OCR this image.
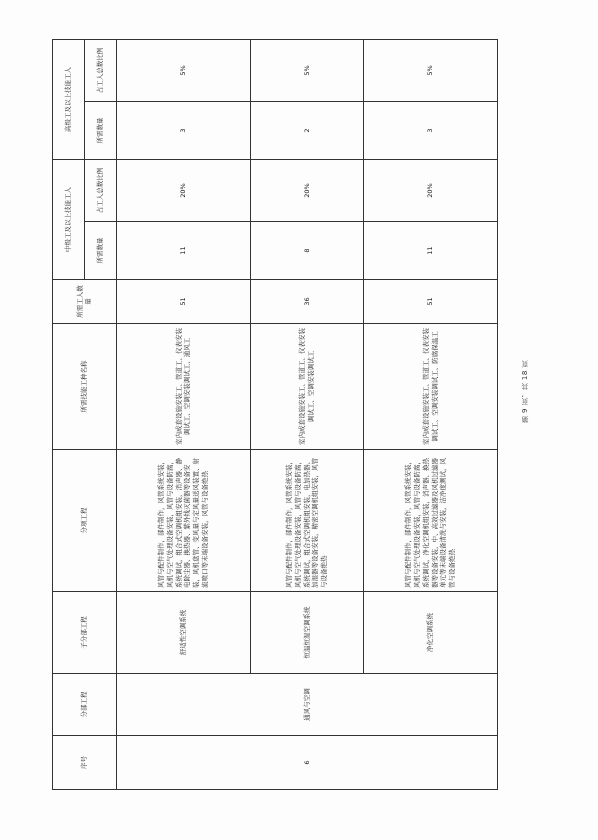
序号	分部工程	子分部工程	分项工程	所需技能工种名称	所需工人数量	中级工及以上技能工人		高级工及以上技能工人	
						所需数量	占工人总数比例	所需数量	占工人总数比例
6	通风与空调	舒适性空调系统	风管与配件制作，部件制作，风管系统安装，风机与空气处理设备安装，风管与设备防腐，系统调试，组合式空调机组安装，消声器、静电除尘器、换热器、紫外线灭菌器等设备安装，风机盘管、变风量与定风量送风装置、射流喷口等末端设备安装，风管与设备绝热	室内成套设施安装工、管道工、仪表安装调试工、空调安装调试工、通风工	51	11	20%	3	5%
		恒温恒湿空调系统	风管与配件制作，部件制作，风管系统安装，风机与空气处理设备安装，风管与设备防腐，系统调试，组合式空调机组安装，电加热器、加湿器等设备安装，精密空调机组安装，风管与设备绝热	室内成套设施安装工、管道工、仪表安装调试工、空调安装调试工	36	8	20%	2	5%
		净化空调系统	风管与配件制作，部件制作，风管系统安装，风机与空气处理设备安装，风管与设备防腐，系统调试，净化空调机组安装，消声器、换热器等设备安装，中、高效过滤器及风机过滤器单元等末端设备清洗与安装，洁净度测试，风管与设备绝热	室内成套设施安装工、管道工、仪表安装调试工、空调安装调试工、防腐保温工	51	11	20%	3	5%
第 9 页，共 18 页
